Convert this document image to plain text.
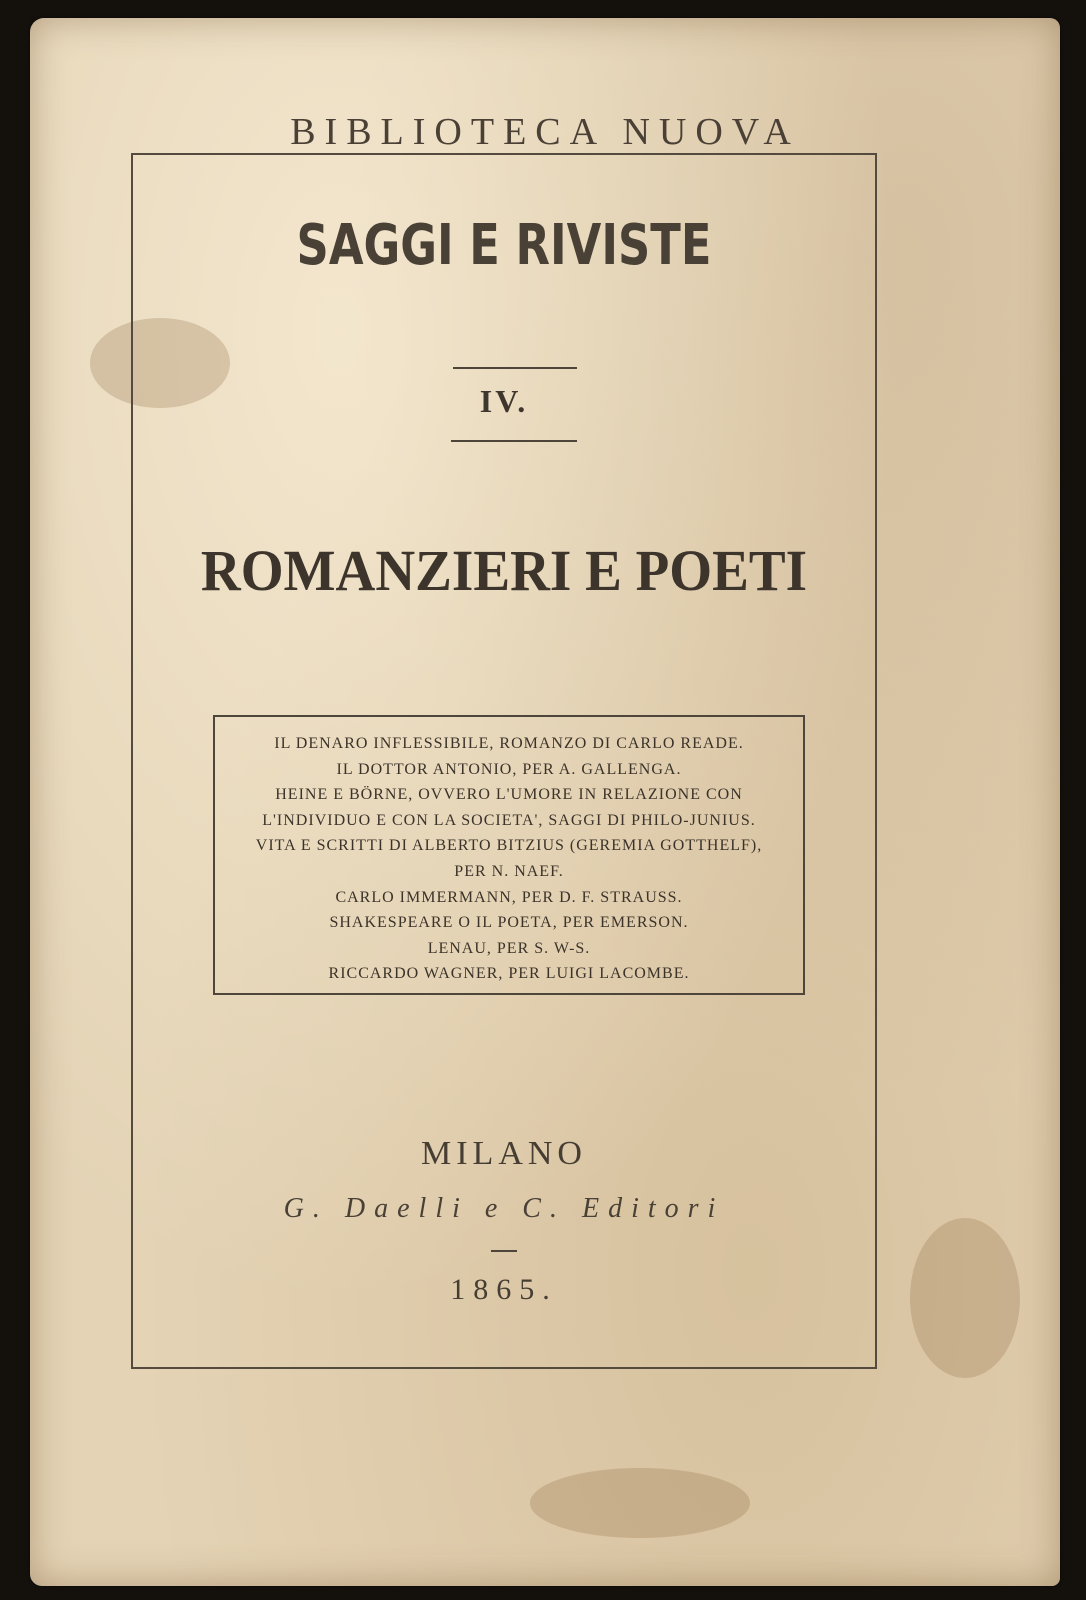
BIBLIOTECA NUOVA
SAGGI E RIVISTE
IV.
ROMANZIERI E POETI
IL DENARO INFLESSIBILE, ROMANZO DI CARLO READE.
IL DOTTOR ANTONIO, PER A. GALLENGA.
HEINE E BÖRNE, OVVERO L'UMORE IN RELAZIONE CON
L'INDIVIDUO E CON LA SOCIETA', SAGGI DI PHILO-JUNIUS.
VITA E SCRITTI DI ALBERTO BITZIUS (GEREMIA GOTTHELF),
PER N. NAEF.
CARLO IMMERMANN, PER D. F. STRAUSS.
SHAKESPEARE O IL POETA, PER EMERSON.
LENAU, PER S. W-S.
RICCARDO WAGNER, PER LUIGI LACOMBE.
MILANO
G. Daelli e C. Editori
1865.
